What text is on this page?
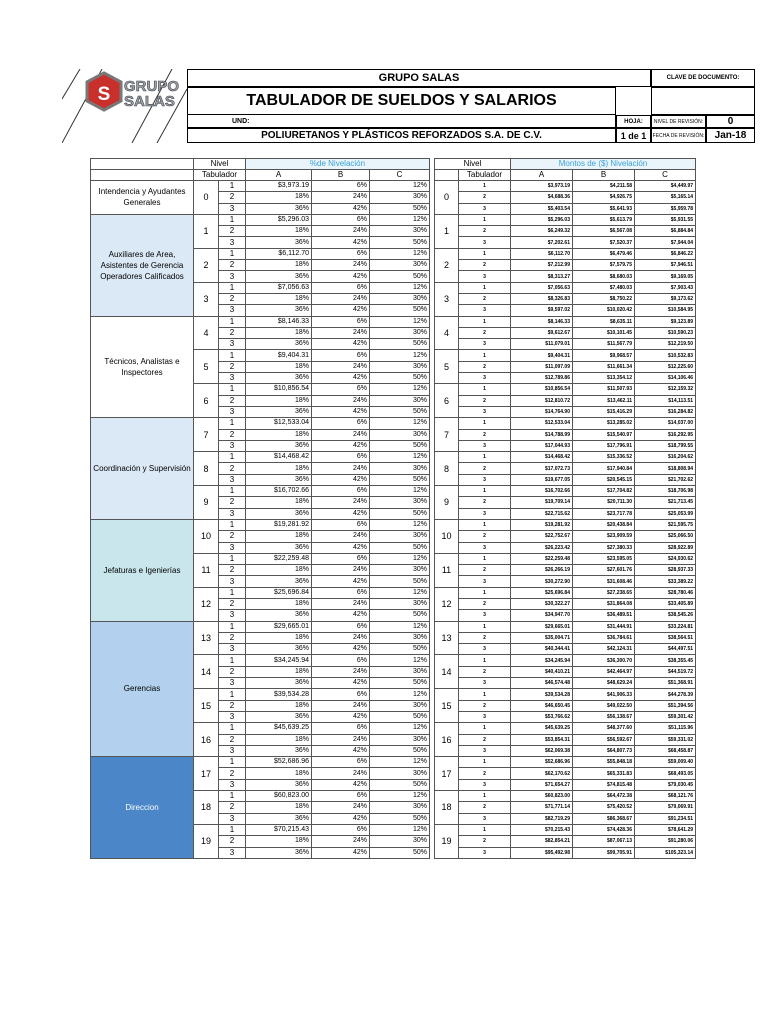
S GRUPO
SALAS
GRUPO SALAS
TABULADOR DE SUELDOS Y SALARIOS
UND:
POLIURETANOS Y PLÁSTICOS REFORZADOS S.A. DE C.V.
CLAVE DE DOCUMENTO:
HOJA:
1 de 1
NIVEL DE REVISIÓN:	0
FECHA DE REVISIÓN:	Jan-18
	Nivel		%de Nivelación		
	Tabulador		A	B	C
Intendencia y Ayudantes Generales	0	1	$3,973.19	6%	12%
		2	18%	24%	30%
		3	36%	42%	50%
Auxiliares de Area, Asistentes de Gerencia Operadores Calificados	1	1	$5,296.03	6%	12%
		2	18%	24%	30%
		3	36%	42%	50%
	2	1	$6,112.70	6%	12%
		2	18%	24%	30%
		3	36%	42%	50%
	3	1	$7,056.63	6%	12%
		2	18%	24%	30%
		3	36%	42%	50%
Técnicos, Analistas e Inspectores	4	1	$8,146.33	6%	12%
		2	18%	24%	30%
		3	36%	42%	50%
	5	1	$9,404.31	6%	12%
		2	18%	24%	30%
		3	36%	42%	50%
	6	1	$10,856.54	6%	12%
		2	18%	24%	30%
		3	36%	42%	50%
Coordinación y Supervisión	7	1	$12,533.04	6%	12%
		2	18%	24%	30%
		3	36%	42%	50%
	8	1	$14,468.42	6%	12%
		2	18%	24%	30%
		3	36%	42%	50%
	9	1	$16,702.66	6%	12%
		2	18%	24%	30%
		3	36%	42%	50%
Jefaturas e Igenierías	10	1	$19,281.92	6%	12%
		2	18%	24%	30%
		3	36%	42%	50%
	11	1	$22,259.48	6%	12%
		2	18%	24%	30%
		3	36%	42%	50%
	12	1	$25,696.84	6%	12%
		2	18%	24%	30%
		3	36%	42%	50%
Gerencias	13	1	$29,665.01	6%	12%
		2	18%	24%	30%
		3	36%	42%	50%
	14	1	$34,245.94	6%	12%
		2	18%	24%	30%
		3	36%	42%	50%
	15	1	$39,534.28	6%	12%
		2	18%	24%	30%
		3	36%	42%	50%
	16	1	$45,639.25	6%	12%
		2	18%	24%	30%
		3	36%	42%	50%
Direccion	17	1	$52,686.96	6%	12%
		2	18%	24%	30%
		3	36%	42%	50%
	18	1	$60,823.00	6%	12%
		2	18%	24%	30%
		3	36%	42%	50%
	19	1	$70,215.43	6%	12%
		2	18%	24%	30%
		3	36%	42%	50%
Nivel		Montos de ($) Nivelación		
	Tabulador	A	B	C
0	1	$3,973.19	$4,211.58	$4,449.97
	2	$4,688.36	$4,926.75	$5,165.14
	3	$5,403.54	$5,641.93	$5,959.78
1	1	$5,296.03	$5,613.79	$5,931.55
	2	$6,249.32	$6,567.08	$6,884.84
	3	$7,202.61	$7,520.37	$7,944.04
2	1	$6,112.70	$6,479.46	$6,846.22
	2	$7,212.99	$7,579.75	$7,946.51
	3	$8,313.27	$8,680.03	$9,169.05
3	1	$7,056.63	$7,480.03	$7,903.43
	2	$8,326.83	$8,750.22	$9,173.62
	3	$9,597.02	$10,020.42	$10,584.95
4	1	$8,146.33	$8,635.11	$9,123.89
	2	$9,612.67	$10,101.45	$10,590.23
	3	$11,079.01	$11,567.79	$12,219.50
5	1	$9,404.31	$9,968.57	$10,532.83
	2	$11,097.09	$11,661.34	$12,225.60
	3	$12,789.86	$13,354.12	$14,106.46
6	1	$10,856.54	$11,507.93	$12,159.32
	2	$12,810.72	$13,462.11	$14,113.51
	3	$14,764.90	$15,416.29	$16,284.82
7	1	$12,533.04	$13,285.02	$14,037.00
	2	$14,788.99	$15,540.97	$16,292.95
	3	$17,044.93	$17,796.91	$18,799.55
8	1	$14,468.42	$15,336.52	$16,204.62
	2	$17,072.73	$17,940.84	$18,808.94
	3	$19,677.05	$20,545.15	$21,702.62
9	1	$16,702.66	$17,704.82	$18,706.98
	2	$19,709.14	$20,711.30	$21,713.45
	3	$22,715.62	$23,717.78	$25,053.99
10	1	$19,281.92	$20,438.84	$21,595.75
	2	$22,752.67	$23,909.59	$25,066.50
	3	$26,223.42	$27,380.33	$28,922.89
11	1	$22,259.48	$23,595.05	$24,930.62
	2	$26,266.19	$27,601.76	$28,937.33
	3	$30,272.90	$31,608.46	$33,389.22
12	1	$25,696.84	$27,238.65	$28,780.46
	2	$30,322.27	$31,864.08	$33,405.89
	3	$34,947.70	$36,489.51	$38,545.26
13	1	$29,665.01	$31,444.91	$33,224.81
	2	$35,004.71	$36,784.61	$38,564.51
	3	$40,344.41	$42,124.31	$44,497.51
14	1	$34,245.94	$36,300.70	$38,355.45
	2	$40,410.21	$42,464.97	$44,519.72
	3	$46,574.48	$48,629.24	$51,368.91
15	1	$39,534.28	$41,906.33	$44,278.39
	2	$46,650.45	$49,022.50	$51,394.56
	3	$53,766.62	$56,138.67	$59,301.42
16	1	$45,639.25	$48,377.60	$51,115.96
	2	$53,854.31	$56,592.67	$59,331.02
	3	$62,069.38	$64,807.73	$68,458.87
17	1	$52,686.96	$55,848.18	$59,009.40
	2	$62,170.62	$65,331.83	$68,493.05
	3	$71,654.27	$74,815.48	$79,030.45
18	1	$60,823.00	$64,472.38	$68,121.76
	2	$71,771.14	$75,420.52	$79,069.91
	3	$82,719.29	$86,368.67	$91,234.51
19	1	$70,215.43	$74,428.36	$78,641.29
	2	$82,854.21	$87,067.13	$91,280.06
	3	$95,492.98	$99,705.91	$105,323.14
